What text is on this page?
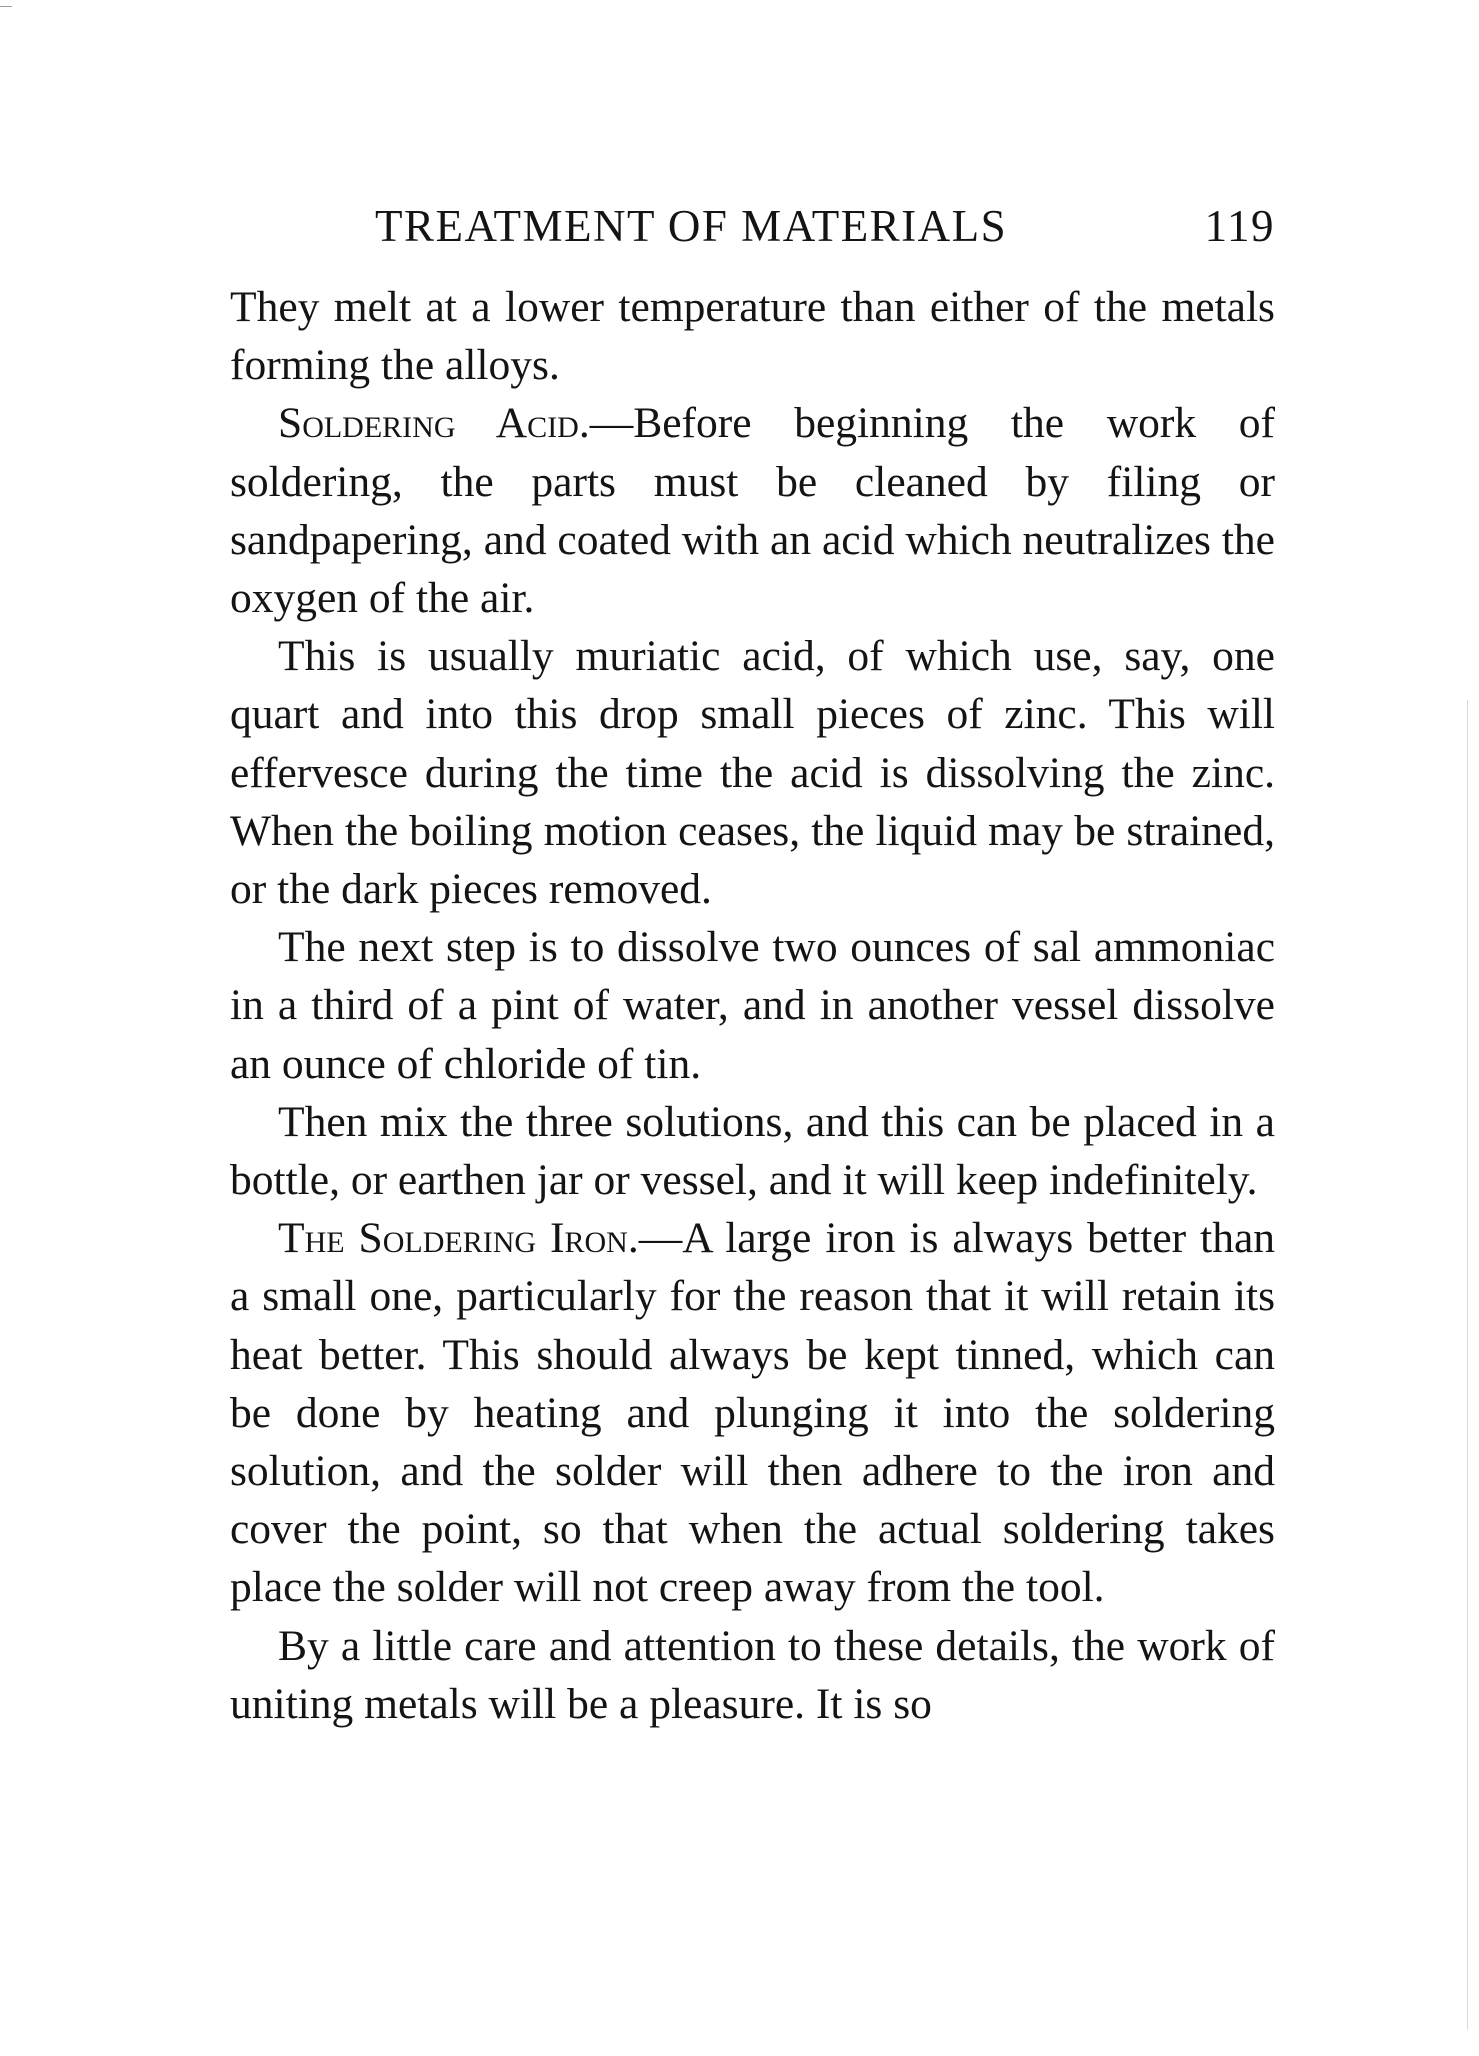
TREATMENT OF MATERIALS	119

They melt at a lower temperature than either of the metals forming the alloys.

Soldering Acid.—Before beginning the work of soldering, the parts must be cleaned by filing or sandpapering, and coated with an acid which neutralizes the oxygen of the air.

This is usually muriatic acid, of which use, say, one quart and into this drop small pieces of zinc. This will effervesce during the time the acid is dissolving the zinc. When the boiling motion ceases, the liquid may be strained, or the dark pieces removed.

The next step is to dissolve two ounces of sal ammoniac in a third of a pint of water, and in another vessel dissolve an ounce of chloride of tin.

Then mix the three solutions, and this can be placed in a bottle, or earthen jar or vessel, and it will keep indefinitely.

The Soldering Iron.—A large iron is always better than a small one, particularly for the reason that it will retain its heat better. This should always be kept tinned, which can be done by heating and plunging it into the soldering solution, and the solder will then adhere to the iron and cover the point, so that when the actual soldering takes place the solder will not creep away from the tool.

By a little care and attention to these details, the work of uniting metals will be a pleasure. It is so
